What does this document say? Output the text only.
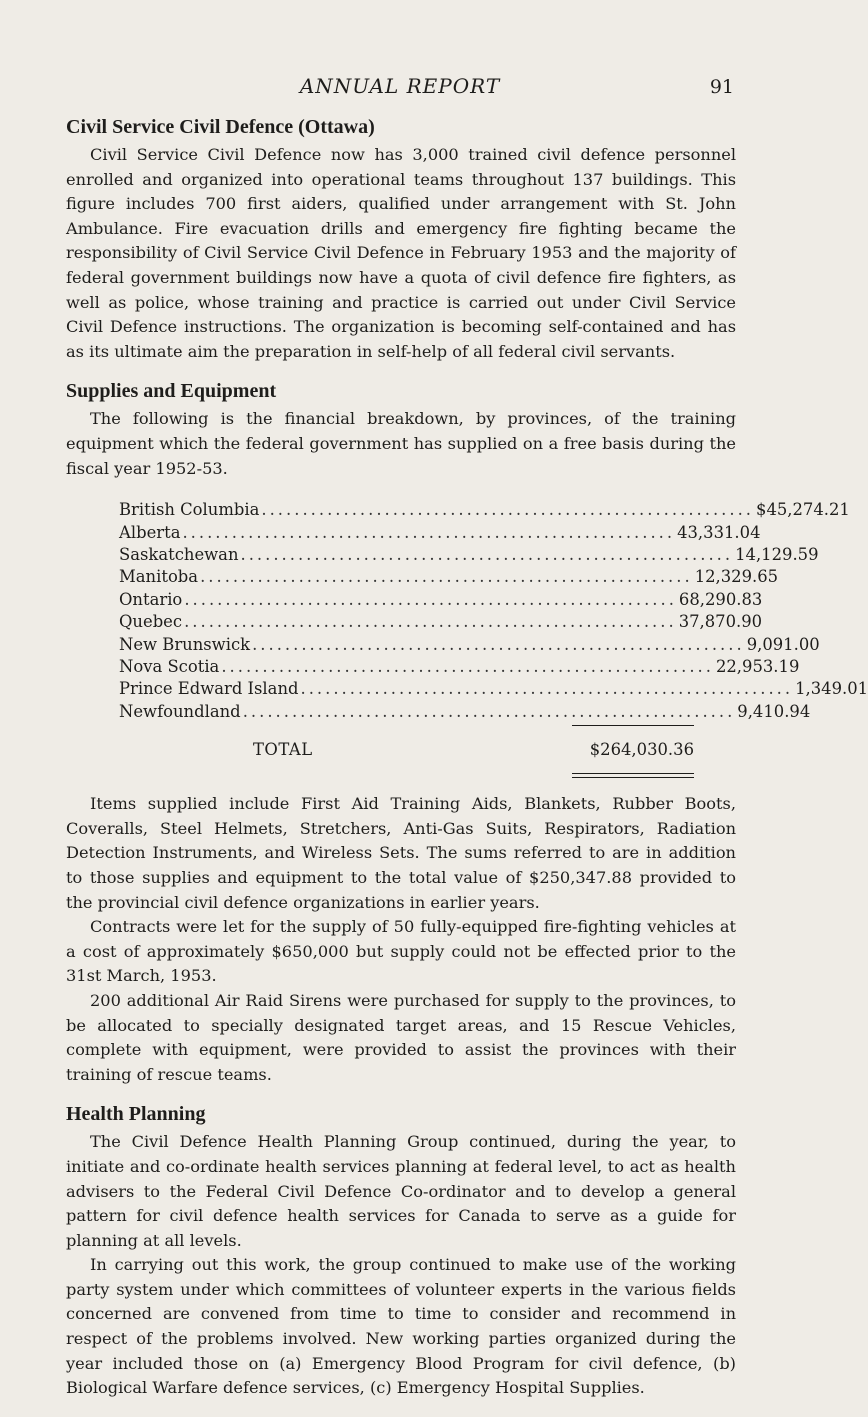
ANNUAL REPORT	91
Civil Service Civil Defence (Ottawa)

Civil Service Civil Defence now has 3,000 trained civil defence personnel enrolled and organized into operational teams throughout 137 buildings. This figure includes 700 first aiders, qualified under arrangement with St. John Ambulance. Fire evacuation drills and emergency fire fighting became the responsibility of Civil Service Civil Defence in February 1953 and the majority of federal government buildings now have a quota of civil defence fire fighters, as well as police, whose training and practice is carried out under Civil Service Civil Defence instructions. The organization is becoming self-contained and has as its ultimate aim the preparation in self-help of all federal civil servants.

Supplies and Equipment

The following is the financial breakdown, by provinces, of the training equipment which the federal government has supplied on a free basis during the fiscal year 1952-53.

British Columbia ............................................................ $ 45,274.21
Alberta ............................................................ 43,331.04
Saskatchewan ............................................................ 14,129.59
Manitoba ............................................................ 12,329.65
Ontario ............................................................ 68,290.83
Quebec ............................................................ 37,870.90
New Brunswick ............................................................ 9,091.00
Nova Scotia ............................................................ 22,953.19
Prince Edward Island ............................................................ 1,349.01
Newfoundland ............................................................ 9,410.94
TOTAL	$264,030.36

Items supplied include First Aid Training Aids, Blankets, Rubber Boots, Coveralls, Steel Helmets, Stretchers, Anti-Gas Suits, Respirators, Radiation Detection Instruments, and Wireless Sets. The sums referred to are in addition to those supplies and equipment to the total value of $250,347.88 provided to the provincial civil defence organizations in earlier years.

Contracts were let for the supply of 50 fully-equipped fire-fighting vehicles at a cost of approximately $650,000 but supply could not be effected prior to the 31st March, 1953.

200 additional Air Raid Sirens were purchased for supply to the provinces, to be allocated to specially designated target areas, and 15 Rescue Vehicles, complete with equipment, were provided to assist the provinces with their training of rescue teams.

Health Planning

The Civil Defence Health Planning Group continued, during the year, to initiate and co-ordinate health services planning at federal level, to act as health advisers to the Federal Civil Defence Co-ordinator and to develop a general pattern for civil defence health services for Canada to serve as a guide for planning at all levels.

In carrying out this work, the group continued to make use of the working party system under which committees of volunteer experts in the various fields concerned are convened from time to time to consider and recommend in respect of the problems involved. New working parties organized during the year included those on (a) Emergency Blood Program for civil defence, (b) Biological Warfare defence services, (c) Emergency Hospital Supplies.
